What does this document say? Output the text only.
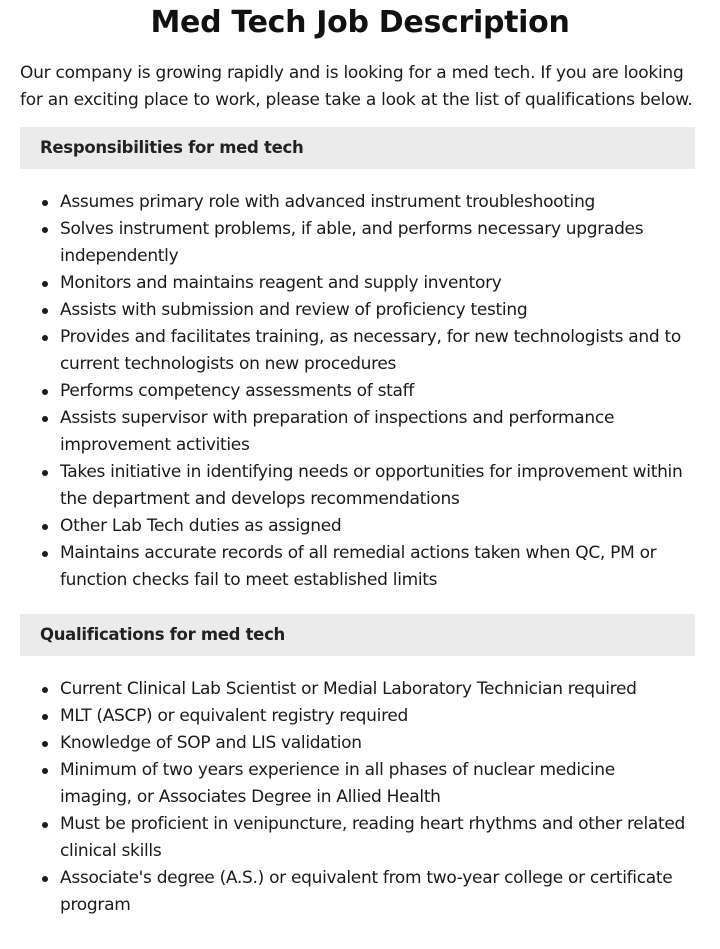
Med Tech Job Description

Our company is growing rapidly and is looking for a med tech. If you are looking for an exciting place to work, please take a look at the list of qualifications below.

Responsibilities for med tech
Assumes primary role with advanced instrument troubleshooting
Solves instrument problems, if able, and performs necessary upgrades independently
Monitors and maintains reagent and supply inventory
Assists with submission and review of proficiency testing
Provides and facilitates training, as necessary, for new technologists and to current technologists on new procedures
Performs competency assessments of staff
Assists supervisor with preparation of inspections and performance improvement activities
Takes initiative in identifying needs or opportunities for improvement within the department and develops recommendations
Other Lab Tech duties as assigned
Maintains accurate records of all remedial actions taken when QC, PM or function checks fail to meet established limits
Qualifications for med tech
Current Clinical Lab Scientist or Medial Laboratory Technician required
MLT (ASCP) or equivalent registry required
Knowledge of SOP and LIS validation
Minimum of two years experience in all phases of nuclear medicine imaging, or Associates Degree in Allied Health
Must be proficient in venipuncture, reading heart rhythms and other related clinical skills
Associate's degree (A.S.) or equivalent from two-year college or certificate program
